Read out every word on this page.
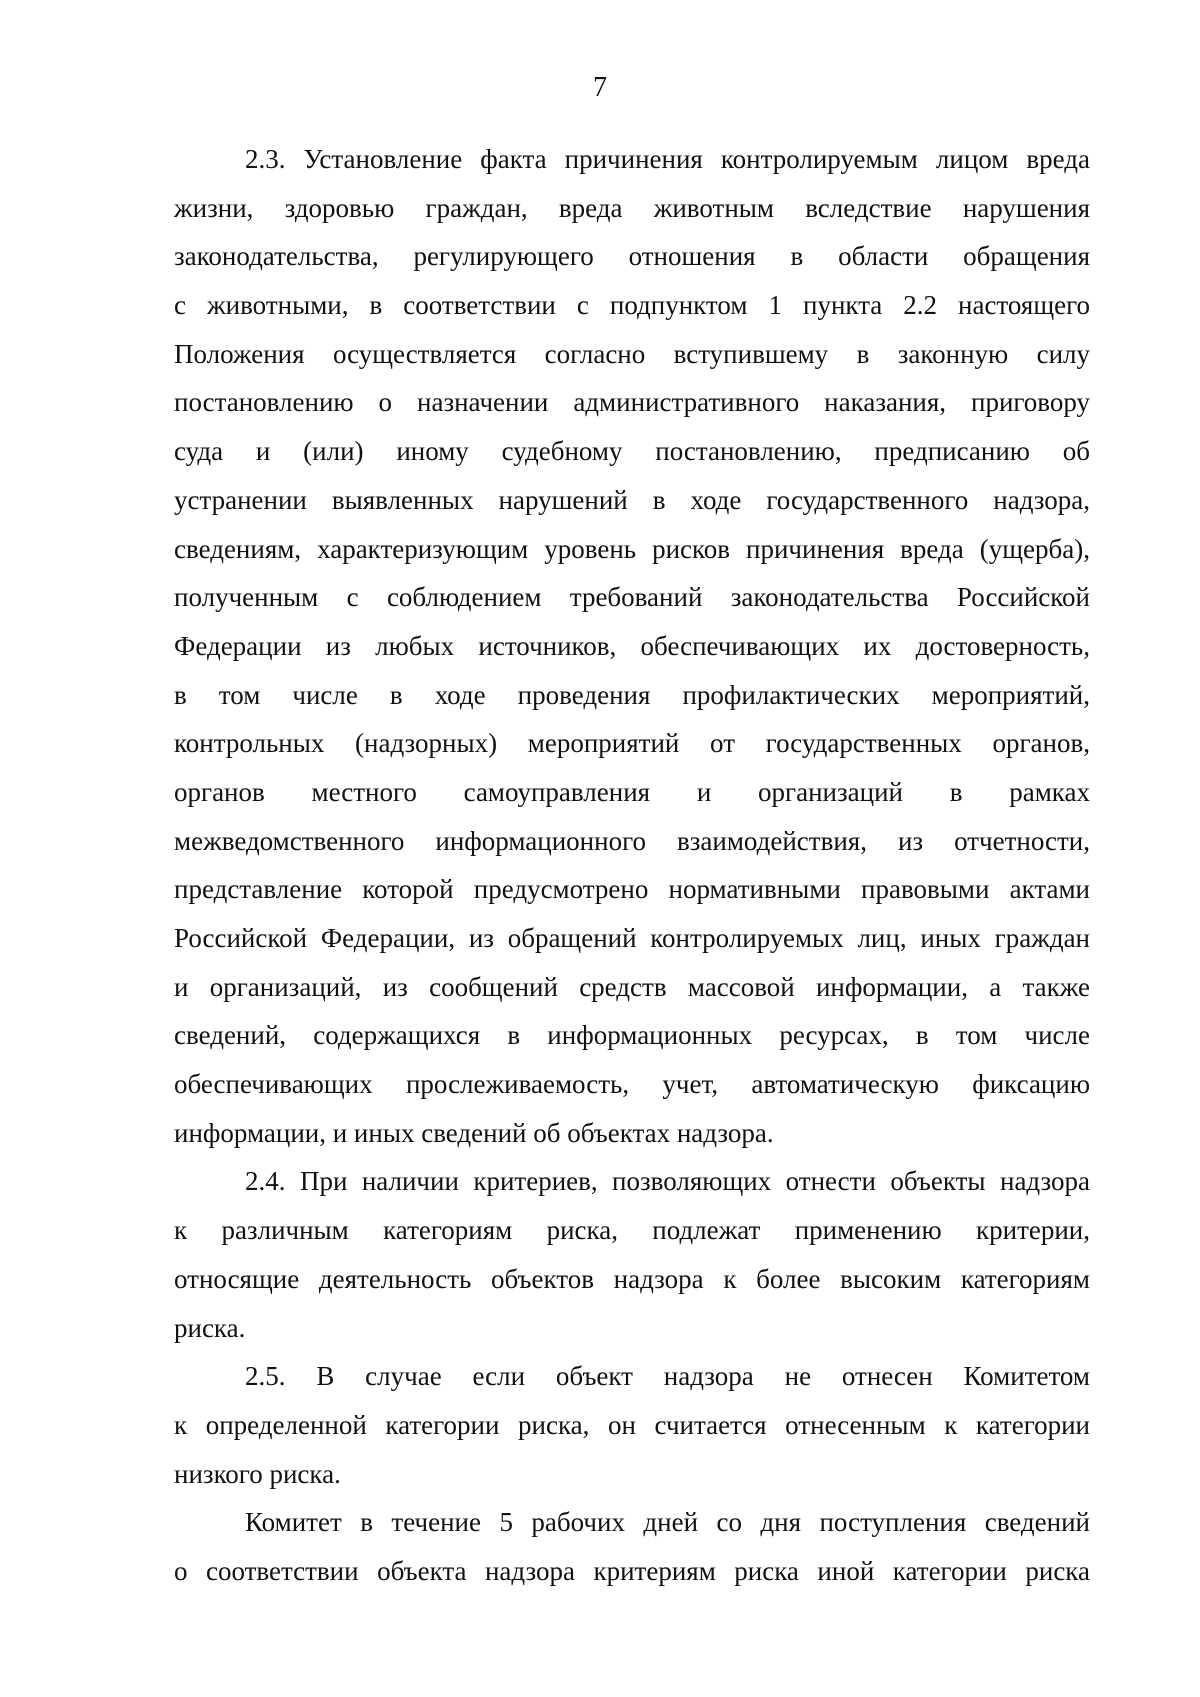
7
2.3. Установление факта причинения контролируемым лицом вреда
жизни, здоровью граждан, вреда животным вследствие нарушения
законодательства, регулирующего отношения в области обращения
с животными, в соответствии с подпунктом 1 пункта 2.2 настоящего
Положения осуществляется согласно вступившему в законную силу
постановлению о назначении административного наказания, приговору
суда и (или) иному судебному постановлению, предписанию об
устранении выявленных нарушений в ходе государственного надзора,
сведениям, характеризующим уровень рисков причинения вреда (ущерба),
полученным с соблюдением требований законодательства Российской
Федерации из любых источников, обеспечивающих их достоверность,
в том числе в ходе проведения профилактических мероприятий,
контрольных (надзорных) мероприятий от государственных органов,
органов местного самоуправления и организаций в рамках
межведомственного информационного взаимодействия, из отчетности,
представление которой предусмотрено нормативными правовыми актами
Российской Федерации, из обращений контролируемых лиц, иных граждан
и организаций, из сообщений средств массовой информации, а также
сведений, содержащихся в информационных ресурсах, в том числе
обеспечивающих прослеживаемость, учет, автоматическую фиксацию
информации, и иных сведений об объектах надзора.
2.4. При наличии критериев, позволяющих отнести объекты надзора
к различным категориям риска, подлежат применению критерии,
относящие деятельность объектов надзора к более высоким категориям
риска.
2.5. В случае если объект надзора не отнесен Комитетом
к определенной категории риска, он считается отнесенным к категории
низкого риска.
Комитет в течение 5 рабочих дней со дня поступления сведений
о соответствии объекта надзора критериям риска иной категории риска
